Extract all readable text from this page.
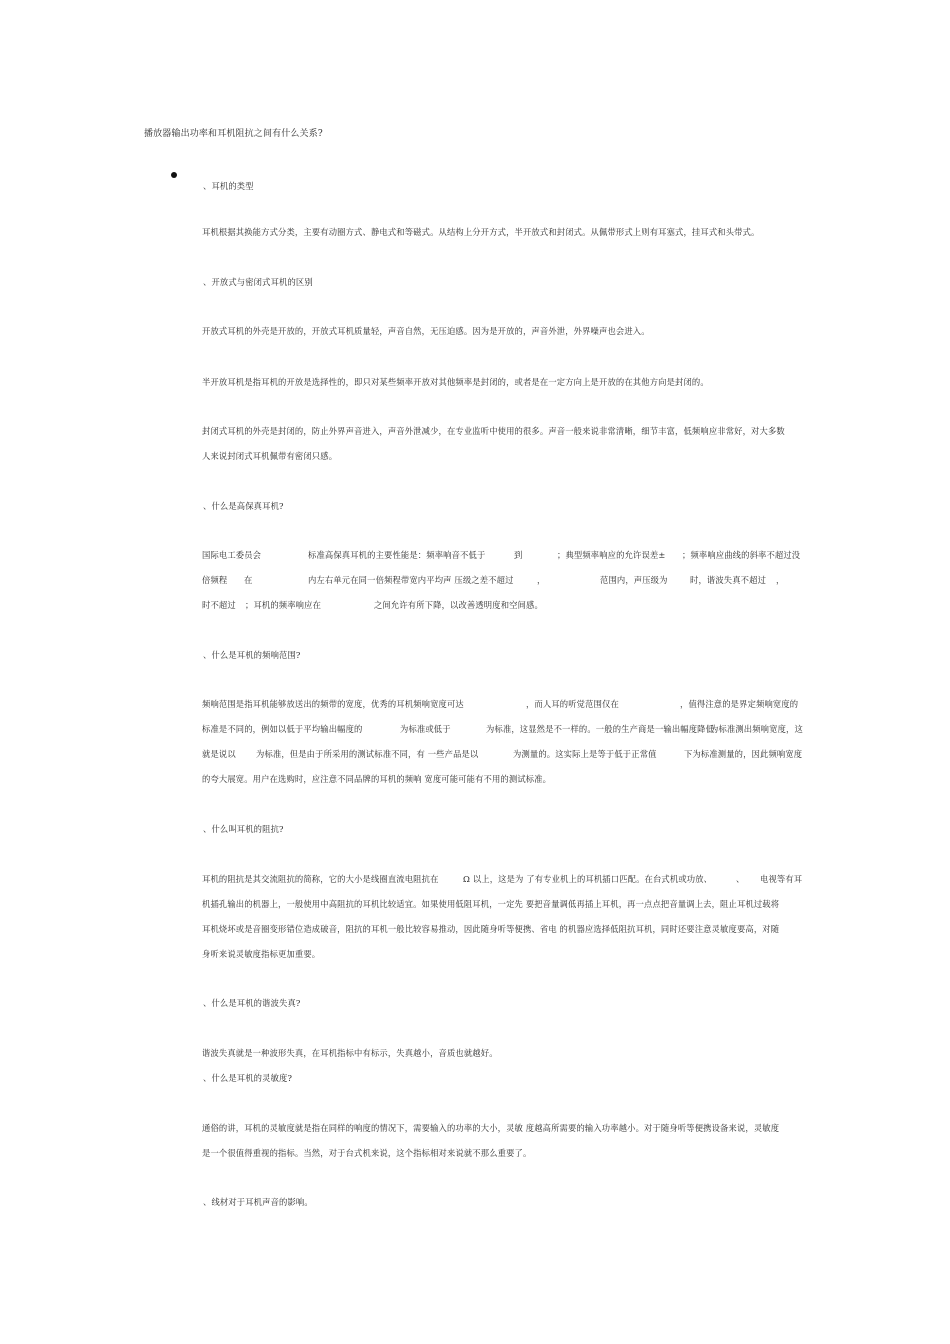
播放器输出功率和耳机阻抗之间有什么关系?
、耳机的类型
耳机根据其换能方式分类，主要有动圈方式、静电式和等磁式。从结构上分开方式，半开放式和封闭式。从佩带形式上则有耳塞式，挂耳式和头带式。
、开放式与密闭式耳机的区别
开放式耳机的外壳是开放的，开放式耳机质量轻，声音自然，无压迫感。因为是开放的，声音外泄，外界噪声也会进入。
半开放耳机是指耳机的开放是选择性的，即只对某些频率开放对其他频率是封闭的，或者是在一定方向上是开放的在其他方向是封闭的。
封闭式耳机的外壳是封闭的，防止外界声音进入，声音外泄减少，在专业监听中使用的很多。声音一般来说非常清晰，细节丰富，低频响应非常好，对大多数
人来说封闭式耳机佩带有密闭只感。
、什么是高保真耳机?
国际电工委员会	标准高保真耳机的主要性能是：频率响音不低于	到	；典型频率响应的允许误差± ；频率响应曲线的斜率不超过没
倍频程 在	内左右单元在同一倍频程带宽内平均声 压级之差不超过	，	范围内，声压级为	时，谐波失真不超过 ，
时不超过 ；耳机的频率响应在	之间允许有所下降，以改善透明度和空间感。
、什么是耳机的频响范围?
频响范围是指耳机能够放送出的频带的宽度，优秀的耳机频响宽度可达	，而人耳的听觉范围仅在	，值得注意的是界定频响宽度的
标准是不同的，例如以低于平均输出幅度的	为标准或低于	为标准，这显然是不一样的。一般的生产商是一输出幅度降低
为标准测出频响宽度，这
就是说以 为标准，但是由于所采用的测试标准不同，有 一些产品是以	为测量的。这实际上是等于低于正常值	下为标准测量的，因此频响宽度
的夸大展宽。用户在选购时，应注意不同品牌的耳机的频响 宽度可能可能有不用的测试标准。
、什么叫耳机的阻抗?
耳机的阻抗是其交流阻抗的简称，它的大小是线圈直流电阻抗在	Ω 以上，这是为 了有专业机上的耳机插口匹配。在台式机或功放、	、 电视等有耳
机插孔输出的机器上，一般使用中高阻抗的耳机比较适宜。如果使用低阻耳机，一定先 要把音量调低再插上耳机，再一点点把音量调上去，阻止耳机过载将
耳机烧坏或是音圈变形错位造成破音，阻抗的耳机一般比较容易推动，因此随身听等便携、省电 的机器应选择低阻抗耳机，同时还要注意灵敏度要高，对随
身听来说灵敏度指标更加重要。
、什么是耳机的谐波失真?
谐波失真就是一种波形失真，在耳机指标中有标示，失真越小，音质也就越好。
、什么是耳机的灵敏度?
通俗的讲，耳机的灵敏度就是指在同样的响度的情况下，需要输入的功率的大小，灵敏 度越高所需要的输入功率越小。对于随身听等便携设备来说，灵敏度
是一个很值得重视的指标。当然，对于台式机来说，这个指标相对来说就不那么重要了。
、线材对于耳机声音的影响。
